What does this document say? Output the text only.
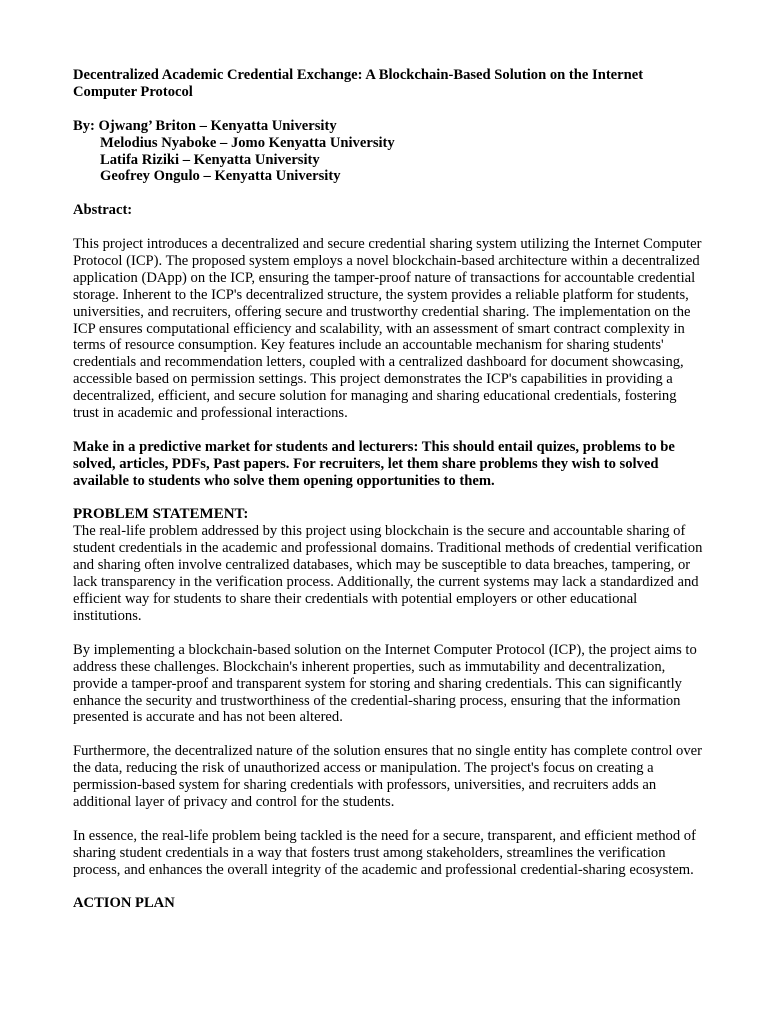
Decentralized Academic Credential Exchange: A Blockchain-Based Solution on the Internet Computer Protocol

By: Ojwang’ Briton – Kenyatta University
Melodius Nyaboke – Jomo Kenyatta University
Latifa Riziki – Kenyatta University
Geofrey Ongulo – Kenyatta University
Abstract:

This project introduces a decentralized and secure credential sharing system utilizing the Internet Computer Protocol (ICP). The proposed system employs a novel blockchain-based architecture within a decentralized application (DApp) on the ICP, ensuring the tamper-proof nature of transactions for accountable credential storage. Inherent to the ICP's decentralized structure, the system provides a reliable platform for students, universities, and recruiters, offering secure and trustworthy credential sharing. The implementation on the ICP ensures computational efficiency and scalability, with an assessment of smart contract complexity in terms of resource consumption. Key features include an accountable mechanism for sharing students' credentials and recommendation letters, coupled with a centralized dashboard for document showcasing, accessible based on permission settings. This project demonstrates the ICP's capabilities in providing a decentralized, efficient, and secure solution for managing and sharing educational credentials, fostering trust in academic and professional interactions.

Make in a predictive market for students and lecturers: This should entail quizes, problems to be solved, articles, PDFs, Past papers. For recruiters, let them share problems they wish to solved available to students who solve them opening opportunities to them.

PROBLEM STATEMENT:

The real-life problem addressed by this project using blockchain is the secure and accountable sharing of student credentials in the academic and professional domains. Traditional methods of credential verification and sharing often involve centralized databases, which may be susceptible to data breaches, tampering, or lack transparency in the verification process. Additionally, the current systems may lack a standardized and efficient way for students to share their credentials with potential employers or other educational institutions.

By implementing a blockchain-based solution on the Internet Computer Protocol (ICP), the project aims to address these challenges. Blockchain's inherent properties, such as immutability and decentralization, provide a tamper-proof and transparent system for storing and sharing credentials. This can significantly enhance the security and trustworthiness of the credential-sharing process, ensuring that the information presented is accurate and has not been altered.

Furthermore, the decentralized nature of the solution ensures that no single entity has complete control over the data, reducing the risk of unauthorized access or manipulation. The project's focus on creating a permission-based system for sharing credentials with professors, universities, and recruiters adds an additional layer of privacy and control for the students.

In essence, the real-life problem being tackled is the need for a secure, transparent, and efficient method of sharing student credentials in a way that fosters trust among stakeholders, streamlines the verification process, and enhances the overall integrity of the academic and professional credential-sharing ecosystem.

ACTION PLAN
